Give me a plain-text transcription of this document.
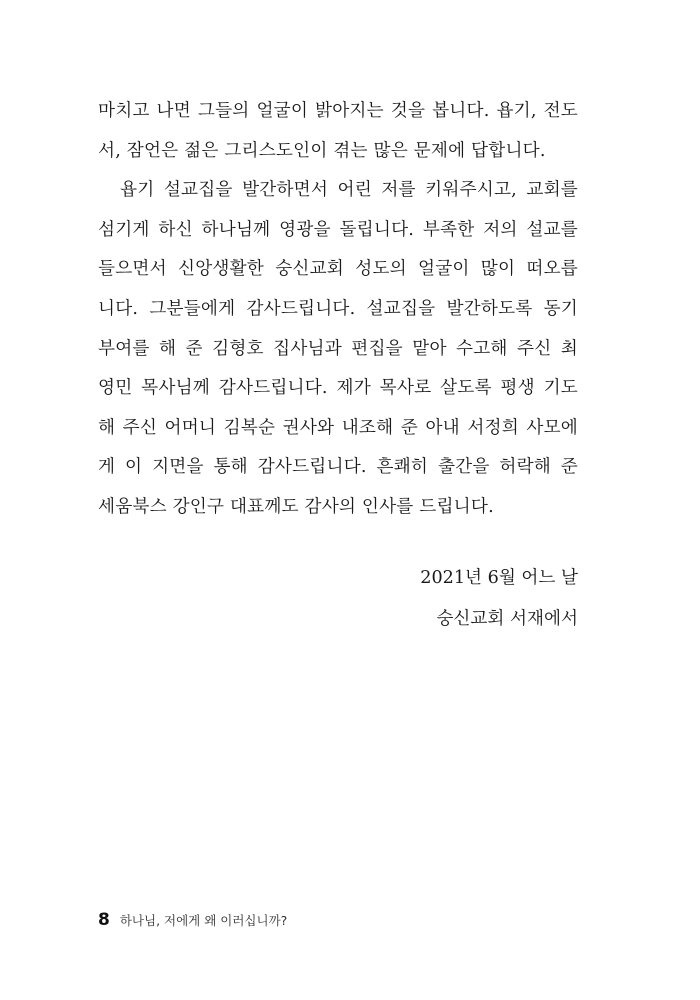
마치고 나면 그들의 얼굴이 밝아지는 것을 봅니다. 욥기, 전도
서, 잠언은 젊은 그리스도인이 겪는 많은 문제에 답합니다.
욥기 설교집을 발간하면서 어린 저를 키워주시고, 교회를
섬기게 하신 하나님께 영광을 돌립니다. 부족한 저의 설교를
들으면서 신앙생활한 숭신교회 성도의 얼굴이 많이 떠오릅
니다. 그분들에게 감사드립니다. 설교집을 발간하도록 동기
부여를 해 준 김형호 집사님과 편집을 맡아 수고해 주신 최
영민 목사님께 감사드립니다. 제가 목사로 살도록 평생 기도
해 주신 어머니 김복순 권사와 내조해 준 아내 서정희 사모에
게 이 지면을 통해 감사드립니다. 흔쾌히 출간을 허락해 준
세움북스 강인구 대표께도 감사의 인사를 드립니다.
2021년 6월 어느 날
숭신교회 서재에서
8 하나님, 저에게 왜 이러십니까?
